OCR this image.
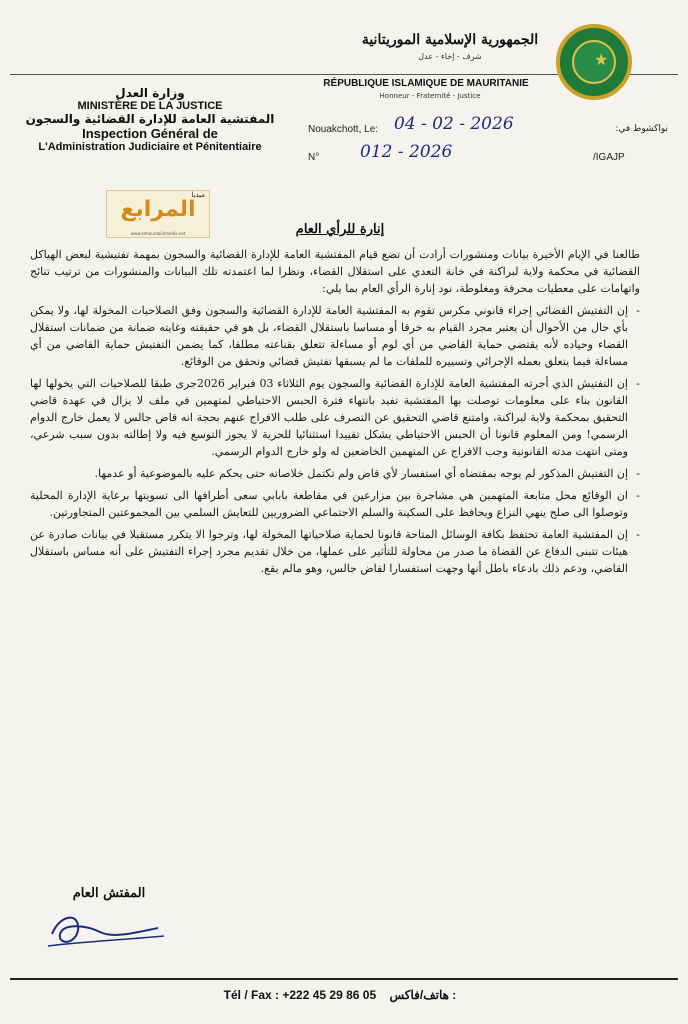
★
الجمهورية الإسلامية الموريتانية
شرف - إخاء - عدل
RÉPUBLIQUE ISLAMIQUE DE MAURITANIE
Honneur - Fraternité - Justice
وزارة العدل
MINISTÈRE DE LA JUSTICE
المفتشية العامة للإدارة القضائية والسجون
Inspection Général de
L'Administration Judiciaire et Pénitentiaire
Nouakchott, Le: 04 - 02 - 2026	نواكشوط في:
N° 012 - 2026	/IGAJP
ميديا
المرابع
www.elmourabiinmedia.net	إنارة للرأي العام

طالعنا في الإيام الأخيرة بيانات ومنشورات أرادت أن تضع قيام المفتشية العامة للإدارة القضائية والسجون بمهمة تفتيشية لبعض الهياكل القضائية في محكمة ولاية لبراكنة في خانة التعدي على استقلال القضاء، ونظرا لما اعتمدته تلك البيانات والمنشورات من ترتيب تنائج واتهامات على معطيات محرفة ومغلوطة، نود إنارة الرأي العام بما يلي:

- إن التفتيش القضائي إجراء قانوني مكرس تقوم به المفتشية العامة للإدارة القضائية والسجون وفق الصلاحيات المخولة لها، ولا يمكن بأي حال من الأحوال أن يعتبر مجرد القيام به خرقا أو مساسا باستقلال القضاء، بل هو في حقيقته وغايته ضمانة من ضمانات استقلال القضاء وحياده لأنه يقتضي حماية القاضي من أي لوم أو مساءلة تتعلق بقناعته مطلقا، كما يضمن التفتيش حماية القاضي من أي مساءلة فيما يتعلق بعمله الإجرائي وتسييره للملفات ما لم يسبقها تفتيش قضائي وتحقق من الوقائع.

- إن التفتيش الذي أجرته المفتشية العامة للإدارة القضائية والسجون يوم الثلاثاء 03 فبراير 2026جرى طبقا للصلاحيات التي يخولها لها القانون بناء على معلومات توصلت بها المفتشية تفيد بانتهاء فترة الحبس الاحتياطي لمتهمين في ملف لا يزال في عهدة قاضي التحقيق بمحكمة ولاية لبراكنة، وامتنع قاضي التحقيق عن التصرف على طلب الافراج عنهم بحجة انه قاض جالس لا يعمل خارج الدوام الرسمي! ومن المعلوم قانونا أن الحبس الاحتياطي يشكل تقييدا استثنائيا للحرية لا يجوز التوسع فيه ولا إطالته بدون سبب شرعي، ومتى انتهت مدته القانونية وجب الافراج عن المتهمين الخاضعين له ولو خارج الدوام الرسمي.

- إن التفتيش المذكور لم يوجه بمقتضاه أي استفسار لأي قاض ولم تكتمل خلاصاته حتى يحكم عليه بالموضوعية أو عدمها.

- ان الوقائع محل متابعة المتهمين هي مشاجرة بين مزارعين في مقاطعة بابابي سعى أطرافها الى تسويتها برعاية الإدارة المحلية وتوصلوا الى صلح ينهي النزاع ويحافظ على السكينة والسلم الاجتماعي الضروريين للتعايش السلمي بين المجموعتين المتجاورتين.

- إن المفتشية العامة تحتفظ بكافة الوسائل المتاحة قانونا لحماية صلاحياتها المخولة لها، وترجوا الا يتكرر مستقبلا في بيانات صادرة عن هيئات تتبنى الدفاع عن القضاة ما صدر من محاولة للتأثير على عملها، من خلال تقديم مجرد إجراء التفتيش على أنه مساس باستقلال القاضي، ودعم ذلك بادعاء باطل أنها وجهت استفسارا لقاض جالس، وهو مالم يقع.

المفتش العام
Tél / Fax : +222 45 29 86 05 هاتف/فاكس :
